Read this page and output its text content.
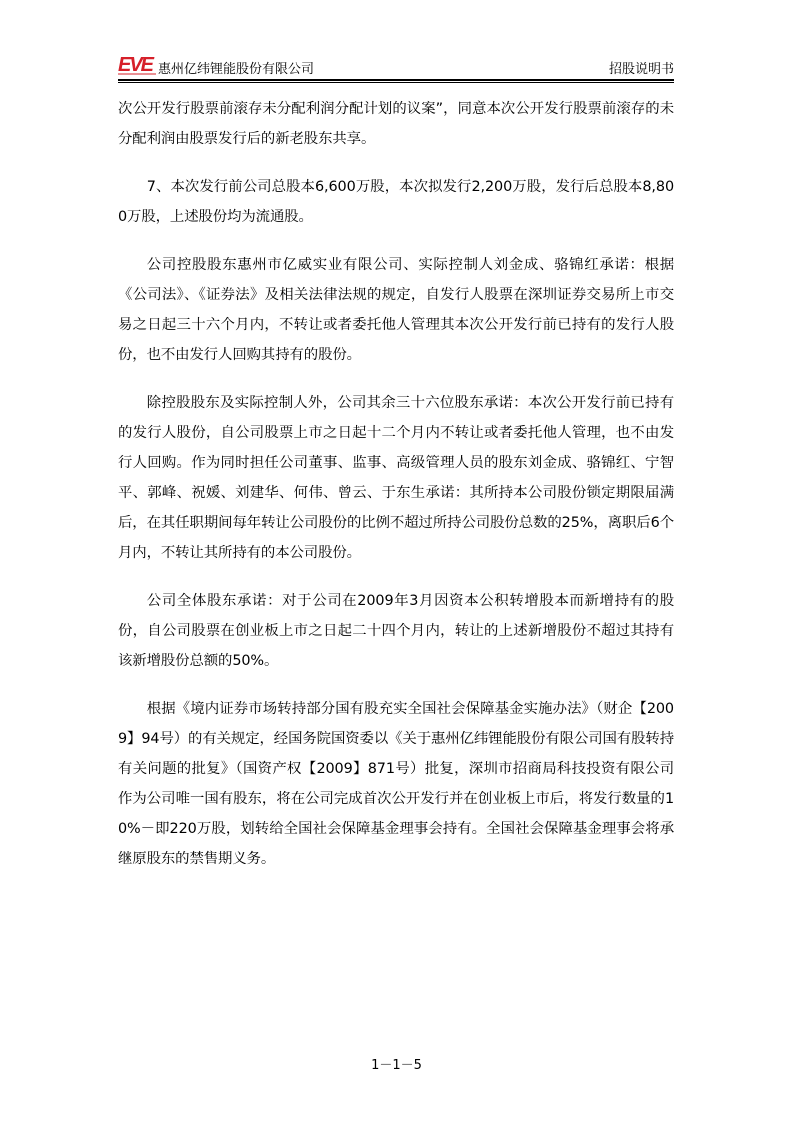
EVE 惠州亿纬锂能股份有限公司	招股说明书

次公开发行股票前滚存未分配利润分配计划的议案”，同意本次公开发行股票前滚存的未分配利润由股票发行后的新老股东共享。

7、本次发行前公司总股本6,600万股，本次拟发行2,200万股，发行后总股本8,800万股，上述股份均为流通股。

公司控股股东惠州市亿威实业有限公司、实际控制人刘金成、骆锦红承诺：根据《公司法》、《证券法》及相关法律法规的规定，自发行人股票在深圳证券交易所上市交易之日起三十六个月内，不转让或者委托他人管理其本次公开发行前已持有的发行人股份，也不由发行人回购其持有的股份。

除控股股东及实际控制人外，公司其余三十六位股东承诺：本次公开发行前已持有的发行人股份，自公司股票上市之日起十二个月内不转让或者委托他人管理，也不由发行人回购。作为同时担任公司董事、监事、高级管理人员的股东刘金成、骆锦红、宁智平、郭峰、祝媛、刘建华、何伟、曾云、于东生承诺：其所持本公司股份锁定期限届满后，在其任职期间每年转让公司股份的比例不超过所持公司股份总数的25%，离职后6个月内，不转让其所持有的本公司股份。

公司全体股东承诺：对于公司在2009年3月因资本公积转增股本而新增持有的股份，自公司股票在创业板上市之日起二十四个月内，转让的上述新增股份不超过其持有该新增股份总额的50%。

根据《境内证券市场转持部分国有股充实全国社会保障基金实施办法》（财企【2009】94号）的有关规定，经国务院国资委以《关于惠州亿纬锂能股份有限公司国有股转持有关问题的批复》（国资产权【2009】871号）批复，深圳市招商局科技投资有限公司作为公司唯一国有股东，将在公司完成首次公开发行并在创业板上市后，将发行数量的10%－即220万股，划转给全国社会保障基金理事会持有。全国社会保障基金理事会将承继原股东的禁售期义务。

1－1－5
